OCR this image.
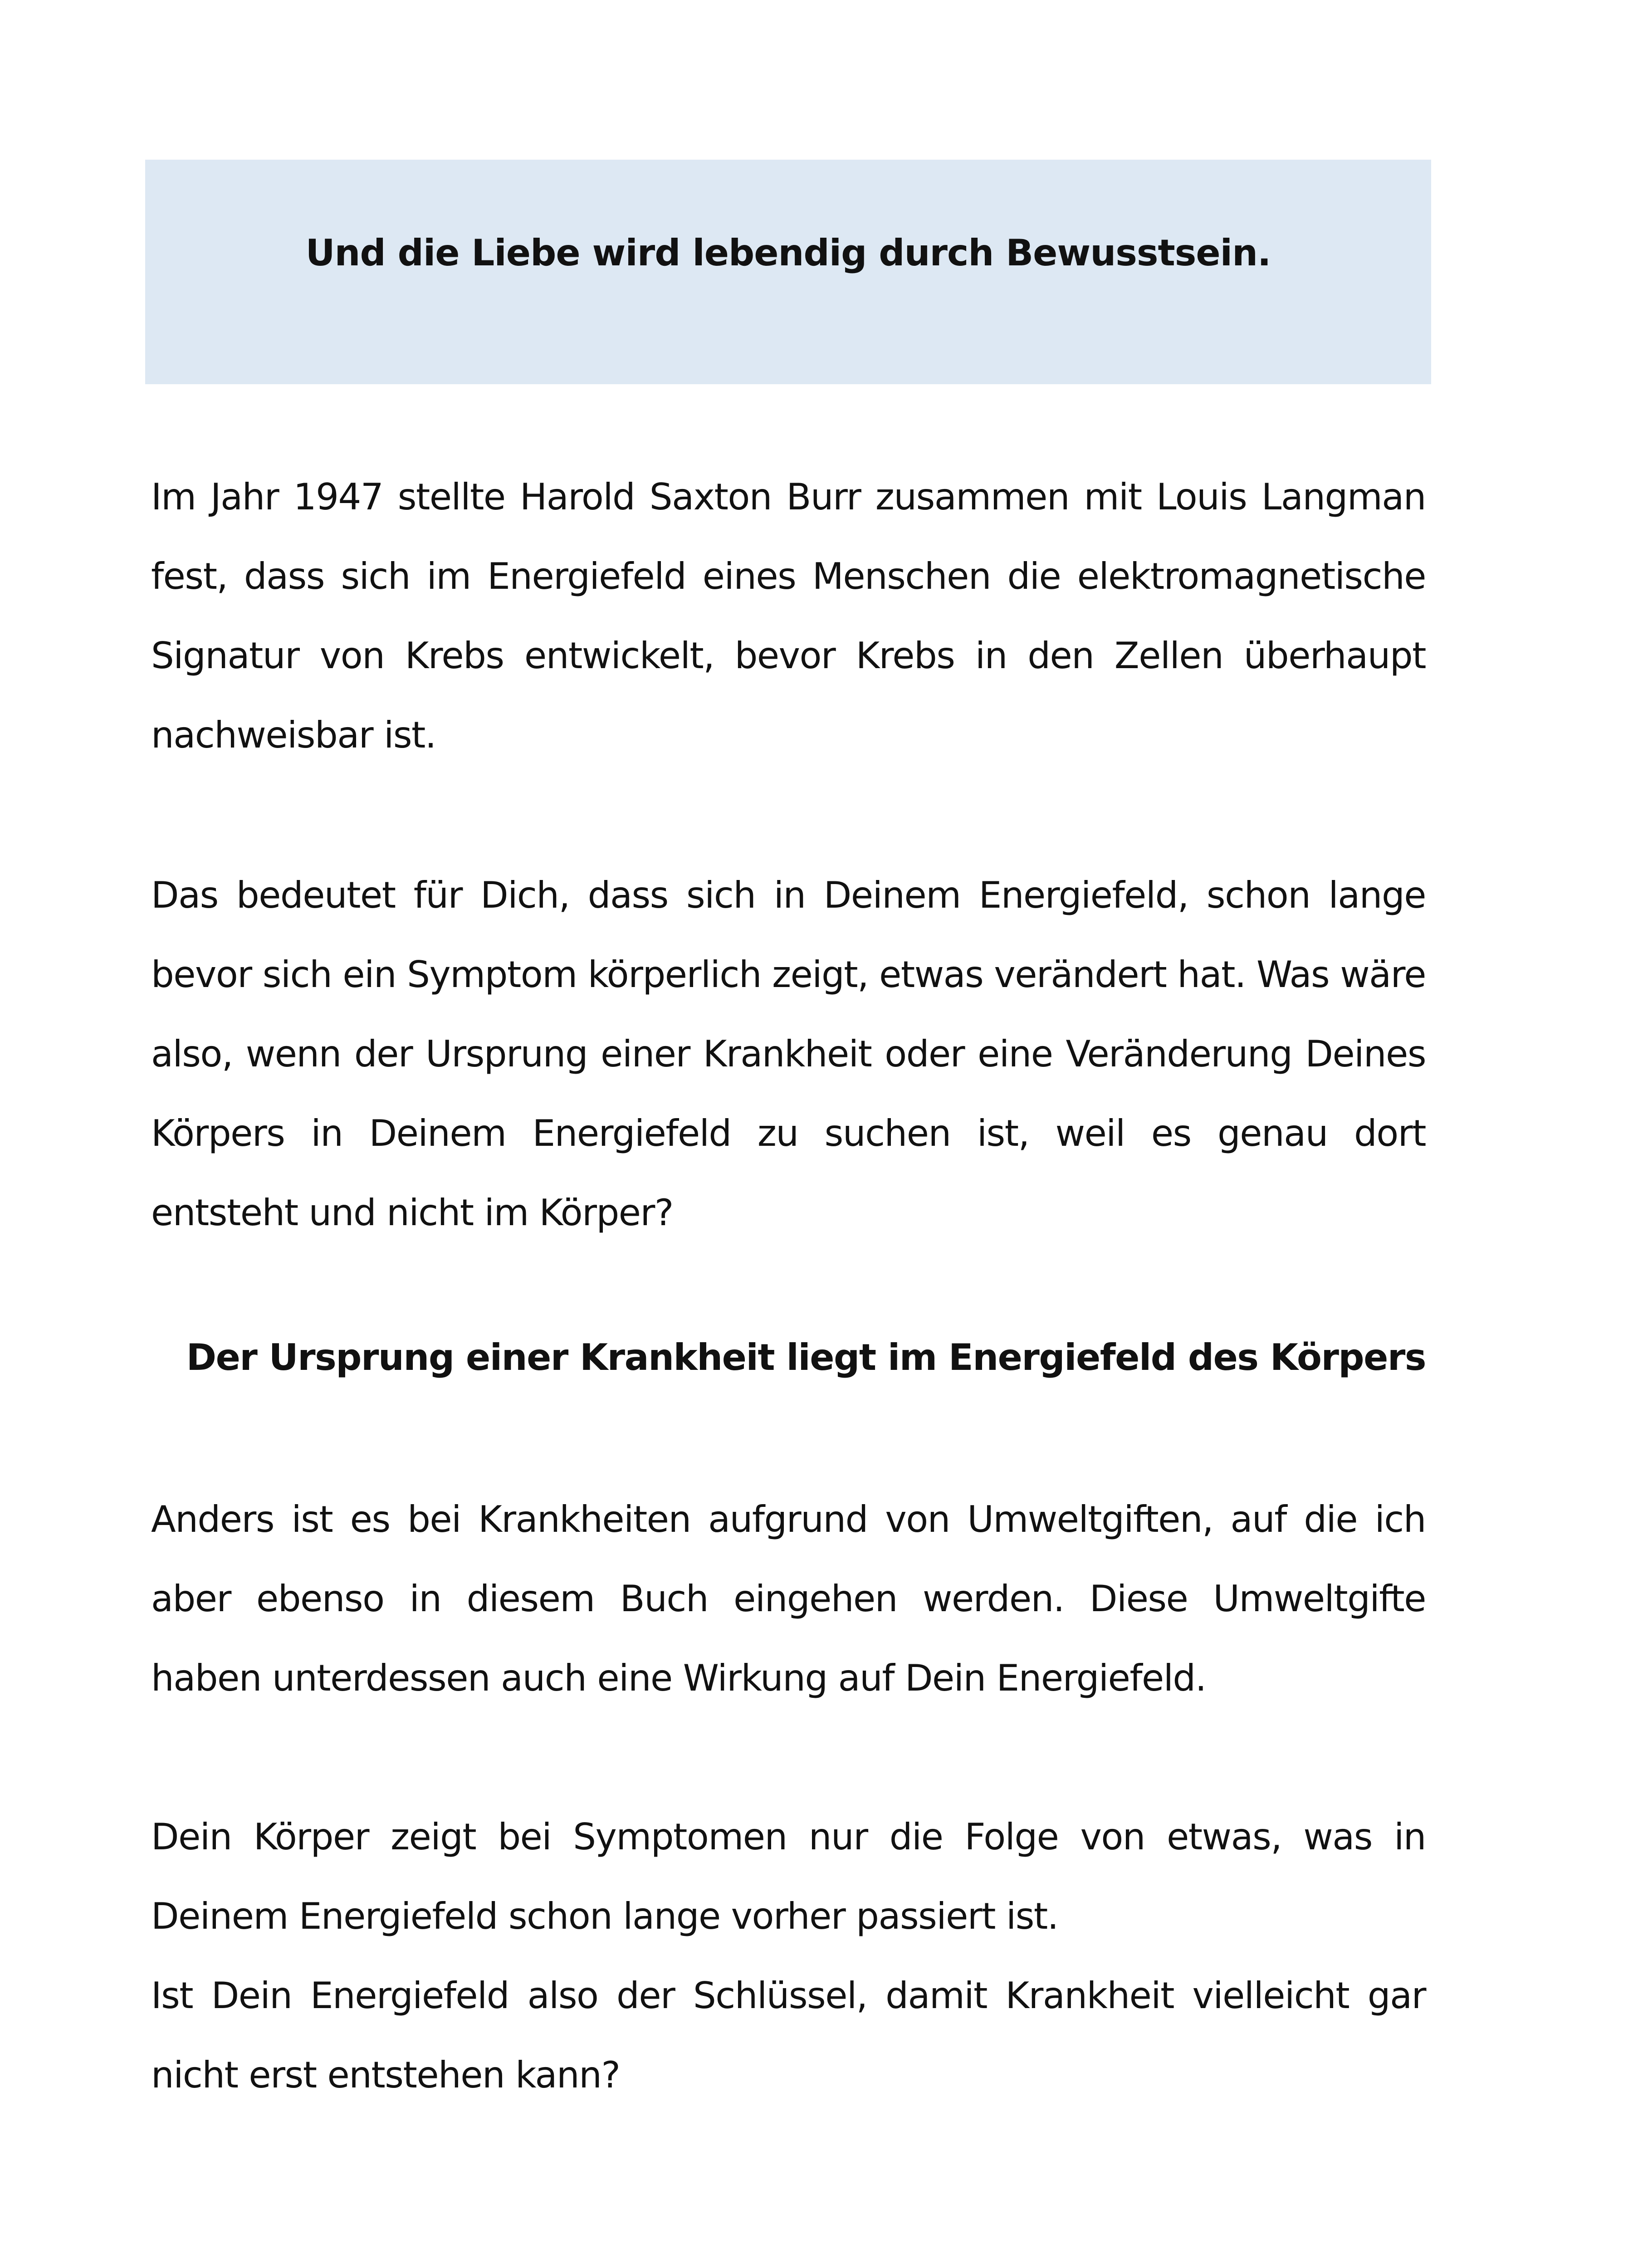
Und die Liebe wird lebendig durch Bewusstsein.

Im Jahr 1947 stellte Harold Saxton Burr zusammen mit Louis Langman fest, dass sich im Energiefeld eines Menschen die elektromagnetische Signatur von Krebs entwickelt, bevor Krebs in den Zellen überhaupt nachweisbar ist.

Das bedeutet für Dich, dass sich in Deinem Energiefeld, schon lange bevor sich ein Symptom körperlich zeigt, etwas verändert hat. Was wäre also, wenn der Ursprung einer Krankheit oder eine Veränderung Deines Körpers in Deinem Energiefeld zu suchen ist, weil es genau dort entsteht und nicht im Körper?

Der Ursprung einer Krankheit liegt im Energiefeld des Körpers

Anders ist es bei Krankheiten aufgrund von Umweltgiften, auf die ich aber ebenso in diesem Buch eingehen werden. Diese Umweltgifte haben unterdessen auch eine Wirkung auf Dein Energiefeld.

Dein Körper zeigt bei Symptomen nur die Folge von etwas, was in Deinem Energiefeld schon lange vorher passiert ist.
Ist Dein Energiefeld also der Schlüssel, damit Krankheit vielleicht gar nicht erst entstehen kann?
